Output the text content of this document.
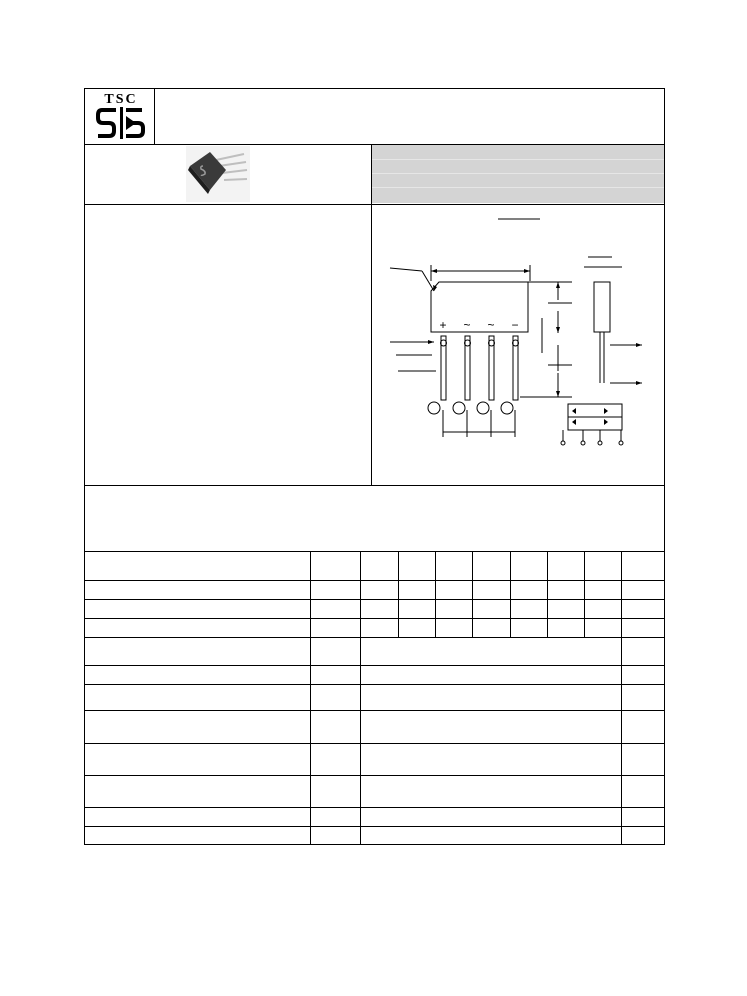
TSC
+ ~ ~ −
